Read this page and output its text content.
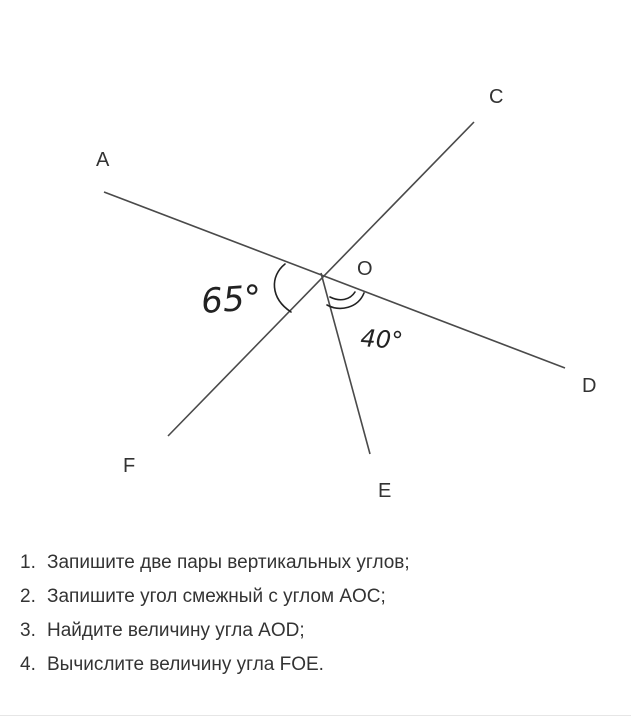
A
C
O
D
F
E
65°
40°
1. Запишите две пары вертикальных углов;
2. Запишите угол смежный с углом AOC;
3. Найдите величину угла AOD;
4. Вычислите величину угла FOE.
